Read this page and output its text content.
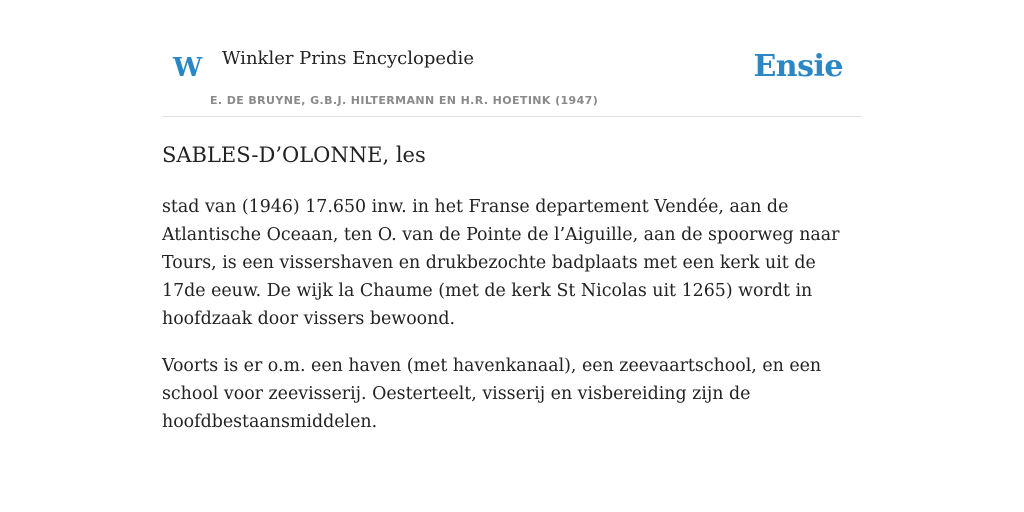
W Winkler Prins Encyclopedie
E. DE BRUYNE, G.B.J. HILTERMANN EN H.R. HOETINK (1947)
Ensie
SABLES-D’OLONNE, les

stad van (1946) 17.650 inw. in het Franse departement Vendée, aan de Atlantische Oceaan, ten O. van de Pointe de l’Aiguille, aan de spoorweg naar Tours, is een vissershaven en drukbezochte badplaats met een kerk uit de 17de eeuw. De wijk la Chaume (met de kerk St Nicolas uit 1265) wordt in hoofdzaak door vissers bewoond.

Voorts is er o.m. een haven (met havenkanaal), een zeevaartschool, en een school voor zeevisserij. Oesterteelt, visserij en visbereiding zijn de hoofdbestaansmiddelen.
